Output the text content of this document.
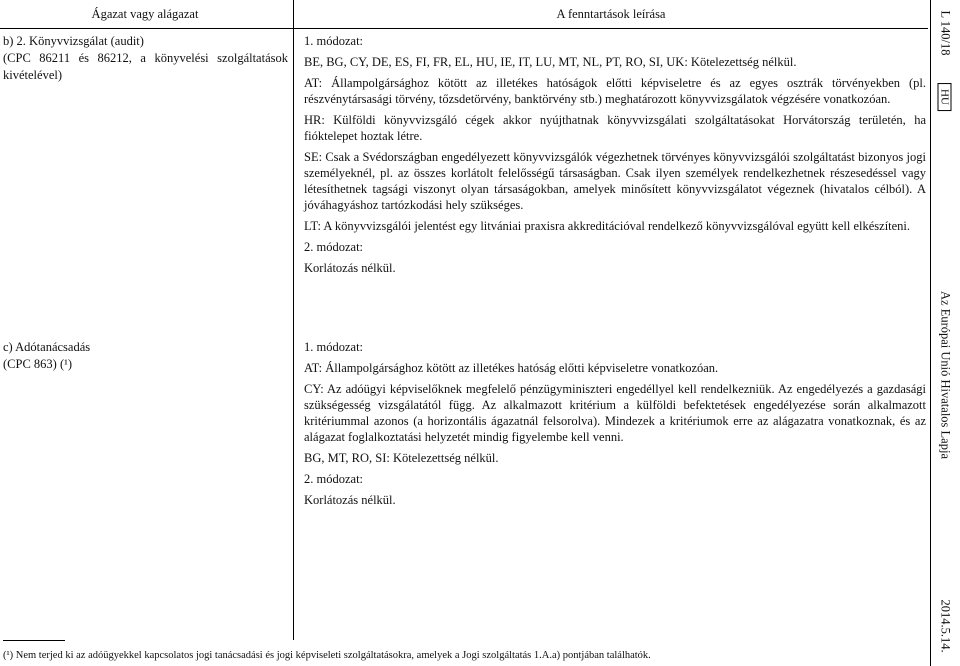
Ágazat vagy alágazat	A fenntartások leírása

b) 2. Könyvvizsgálat (audit)

(CPC 86211 és 86212, a könyvelési szolgáltatások kivételével)

1. módozat:

BE, BG, CY, DE, ES, FI, FR, EL, HU, IE, IT, LU, MT, NL, PT, RO, SI, UK: Kötelezettség nélkül.

AT: Állampolgársághoz kötött az illetékes hatóságok előtti képviseletre és az egyes osztrák törvényekben (pl. részvénytársasági törvény, tőzsdetörvény, banktörvény stb.) meghatározott könyvvizsgálatok végzésére vonatkozóan.

HR: Külföldi könyvvizsgáló cégek akkor nyújthatnak könyvvizsgálati szolgáltatásokat Horvátország területén, ha fióktelepet hoztak létre.

SE: Csak a Svédországban engedélyezett könyvvizsgálók végezhetnek törvényes könyvvizsgálói szolgáltatást bizonyos jogi személyeknél, pl. az összes korlátolt felelősségű társaságban. Csak ilyen személyek rendelkezhetnek részesedéssel vagy létesíthetnek tagsági viszonyt olyan társaságokban, amelyek minősített könyvvizsgálatot végeznek (hivatalos célból). A jóváhagyáshoz tartózkodási hely szükséges.

LT: A könyvvizsgálói jelentést egy litvániai praxisra akkreditációval rendelkező könyvvizsgálóval együtt kell elkészíteni.

2. módozat:

Korlátozás nélkül.

c) Adótanácsadás

(CPC 863) (¹)

1. módozat:

AT: Állampolgársághoz kötött az illetékes hatóság előtti képviseletre vonatkozóan.

CY: Az adóügyi képviselőknek megfelelő pénzügyminiszteri engedéllyel kell rendelkezniük. Az engedélyezés a gazdasági szükségesség vizsgálatától függ. Az alkalmazott kritérium a külföldi befektetések engedélyezése során alkalmazott kritériummal azonos (a horizontális ágazatnál felsorolva). Mindezek a kritériumok erre az alágazatra vonatkoznak, és az alágazat foglalkoztatási helyzetét mindig figyelembe kell venni.

BG, MT, RO, SI: Kötelezettség nélkül.

2. módozat:

Korlátozás nélkül.

(¹) Nem terjed ki az adóügyekkel kapcsolatos jogi tanácsadási és jogi képviseleti szolgáltatásokra, amelyek a Jogi szolgáltatás 1.A.a) pontjában találhatók.
L 140/18
HU
Az Európai Unió Hivatalos Lapja
2014.5.14.
